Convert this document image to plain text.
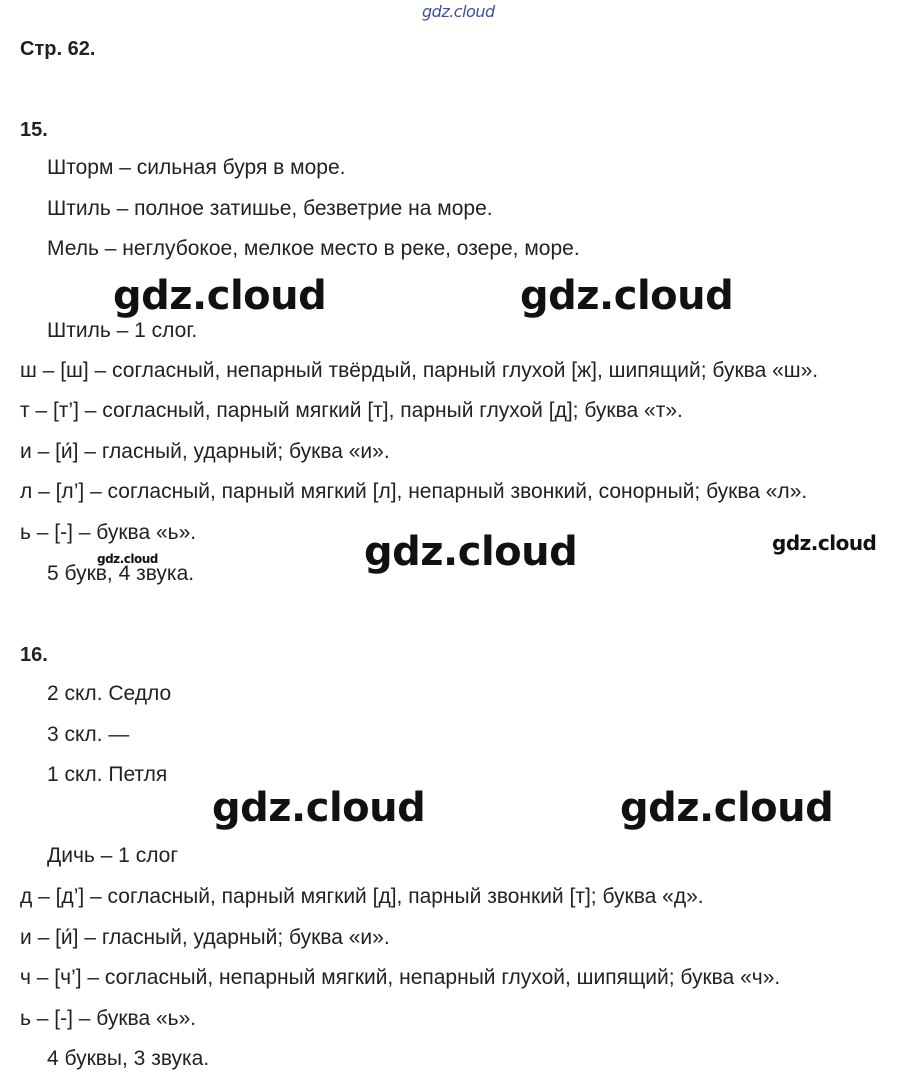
gdz.cloud
gdz.cloud	gdz.cloud
gdz.cloud	gdz.cloud
gdz.cloud
gdz.cloud	gdz.cloud
Стр. 62.
15.
Шторм – сильная буря в море.
Штиль – полное затишье, безветрие на море.
Мель – неглубокое, мелкое место в реке, озере, море.
Штиль – 1 слог.
ш – [ш] – согласный, непарный твёрдый, парный глухой [ж], шипящий; буква «ш».
т – [т’] – согласный, парный мягкий [т], парный глухой [д]; буква «т».
и – [и́] – гласный, ударный; буква «и».
л – [л’] – согласный, парный мягкий [л], непарный звонкий, сонорный; буква «л».
ь – [-] – буква «ь».
5 букв, 4 звука.
16.
2 скл. Седло
3 скл. —
1 скл. Петля
Дичь – 1 слог
д – [д’] – согласный, парный мягкий [д], парный звонкий [т]; буква «д».
и – [и́] – гласный, ударный; буква «и».
ч – [ч’] – согласный, непарный мягкий, непарный глухой, шипящий; буква «ч».
ь – [-] – буква «ь».
4 буквы, 3 звука.
